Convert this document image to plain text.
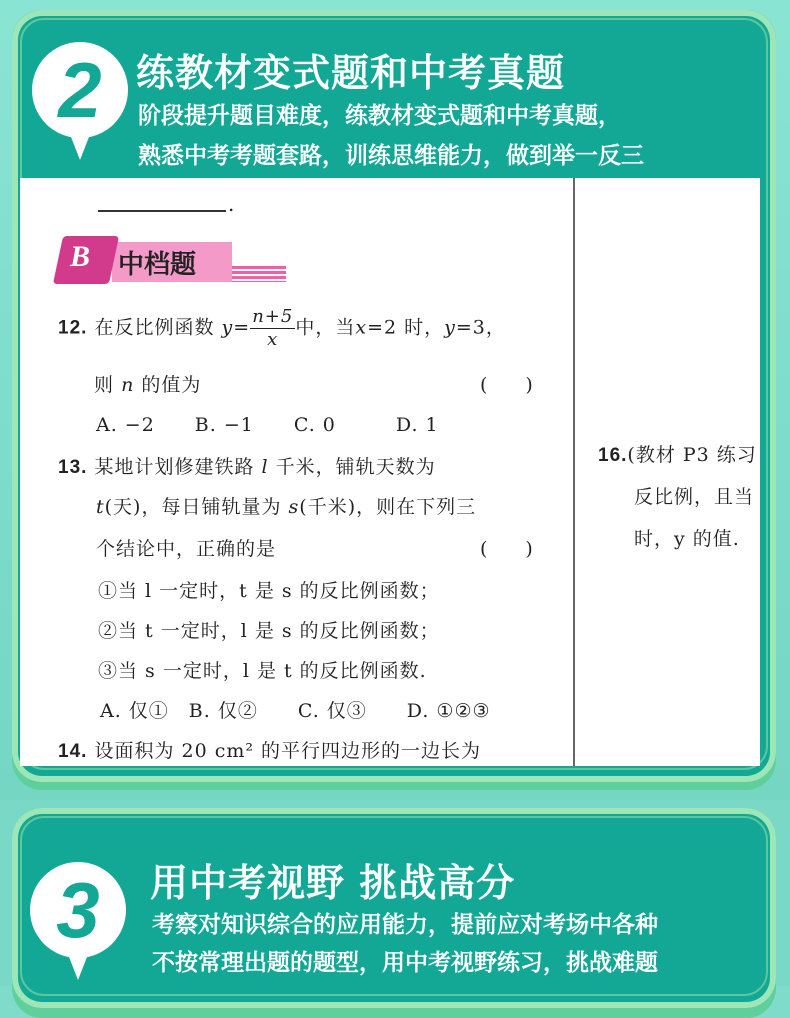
2 练教材变式题和中考真题
阶段提升题目难度，练教材变式题和中考真题，
熟悉中考考题套路，训练思维能力，做到举一反三
.
B 中档题
12. 在反比例函数 $y= \frac{n+5}{x}$ 中，当x=2 时，y=3，
则 n 的值为	(　　)
A. −2　　B. −1　　C. 0　　　D. 1
13. 某地计划修建铁路 l 千米，铺轨天数为
t(天)，每日铺轨量为 s(千米)，则在下列三
个结论中，正确的是	(　　)
①当 l 一定时，t 是 s 的反比例函数；
②当 t 一定时，l 是 s 的反比例函数；
③当 s 一定时，l 是 t 的反比例函数.
A. 仅①　B. 仅②　　C. 仅③　　D. ①②③
14. 设面积为 20 cm² 的平行四边形的一边长为
16.(教材 P3 练习
反比例，且当
时，y 的值.
3	用中考视野 挑战高分
考察对知识综合的应用能力，提前应对考场中各种
不按常理出题的题型，用中考视野练习，挑战难题
